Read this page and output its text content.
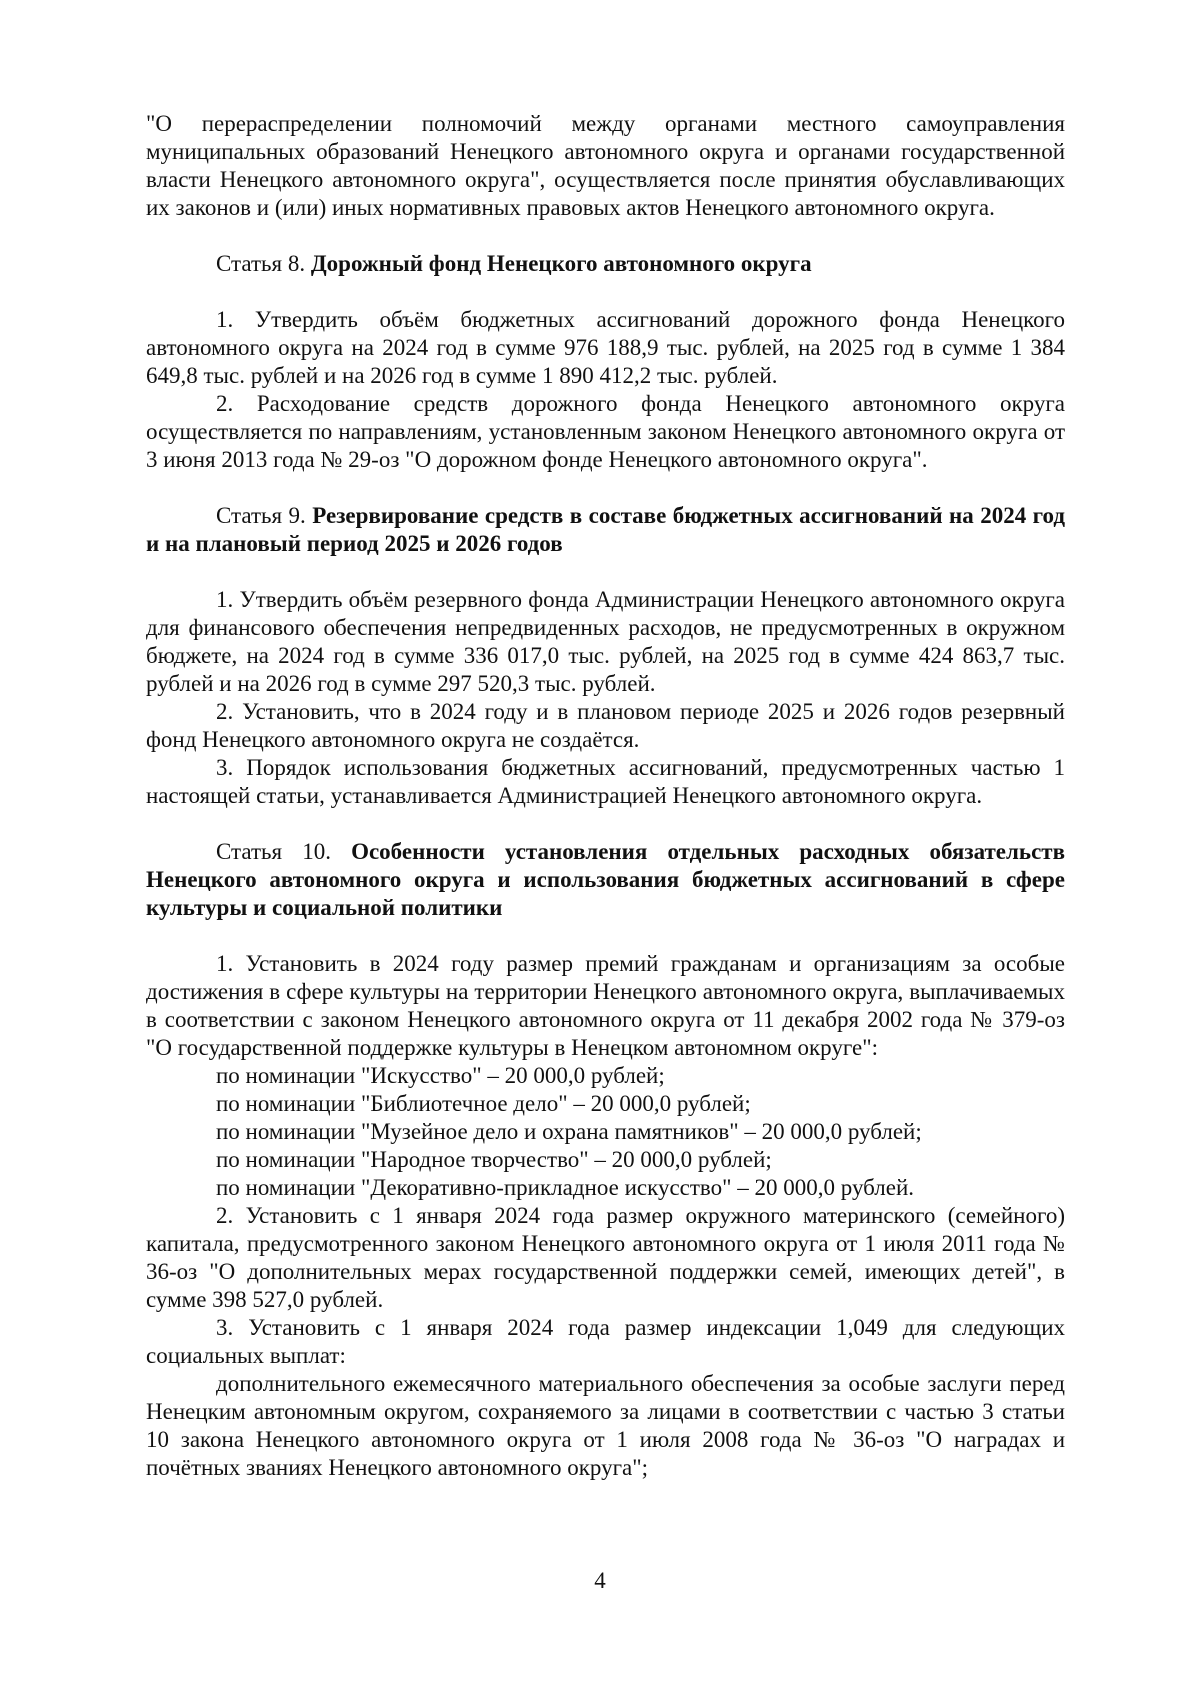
"О перераспределении полномочий между органами местного самоуправления муниципальных образований Ненецкого автономного округа и органами государственной власти Ненецкого автономного округа", осуществляется после принятия обуславливающих их законов и (или) иных нормативных правовых актов Ненецкого автономного округа.

Статья 8. Дорожный фонд Ненецкого автономного округа

1. Утвердить объём бюджетных ассигнований дорожного фонда Ненецкого автономного округа на 2024 год в сумме 976 188,9 тыс. рублей, на 2025 год в сумме 1 384 649,8 тыс. рублей и на 2026 год в сумме 1 890 412,2 тыс. рублей.

2. Расходование средств дорожного фонда Ненецкого автономного округа осуществляется по направлениям, установленным законом Ненецкого автономного округа от 3 июня 2013 года № 29-оз "О дорожном фонде Ненецкого автономного округа".

Статья 9. Резервирование средств в составе бюджетных ассигнований на 2024 год и на плановый период 2025 и 2026 годов

1. Утвердить объём резервного фонда Администрации Ненецкого автономного округа для финансового обеспечения непредвиденных расходов, не предусмотренных в окружном бюджете, на 2024 год в сумме 336 017,0 тыс. рублей, на 2025 год в сумме 424 863,7 тыс. рублей и на 2026 год в сумме 297 520,3 тыс. рублей.

2. Установить, что в 2024 году и в плановом периоде 2025 и 2026 годов резервный фонд Ненецкого автономного округа не создаётся.

3. Порядок использования бюджетных ассигнований, предусмотренных частью 1 настоящей статьи, устанавливается Администрацией Ненецкого автономного округа.

Статья 10. Особенности установления отдельных расходных обязательств Ненецкого автономного округа и использования бюджетных ассигнований в сфере культуры и социальной политики

1. Установить в 2024 году размер премий гражданам и организациям за особые достижения в сфере культуры на территории Ненецкого автономного округа, выплачиваемых в соответствии с законом Ненецкого автономного округа от 11 декабря 2002 года № 379-оз "О государственной поддержке культуры в Ненецком автономном округе":

по номинации "Искусство" – 20 000,0 рублей;

по номинации "Библиотечное дело" – 20 000,0 рублей;

по номинации "Музейное дело и охрана памятников" – 20 000,0 рублей;

по номинации "Народное творчество" – 20 000,0 рублей;

по номинации "Декоративно-прикладное искусство" – 20 000,0 рублей.

2. Установить с 1 января 2024 года размер окружного материнского (семейного) капитала, предусмотренного законом Ненецкого автономного округа от 1 июля 2011 года № 36-оз "О дополнительных мерах государственной поддержки семей, имеющих детей", в сумме 398 527,0 рублей.

3. Установить с 1 января 2024 года размер индексации 1,049 для следующих социальных выплат:

дополнительного ежемесячного материального обеспечения за особые заслуги перед Ненецким автономным округом, сохраняемого за лицами в соответствии с частью 3 статьи 10 закона Ненецкого автономного округа от 1 июля 2008 года № 36-оз "О наградах и почётных званиях Ненецкого автономного округа";

4
